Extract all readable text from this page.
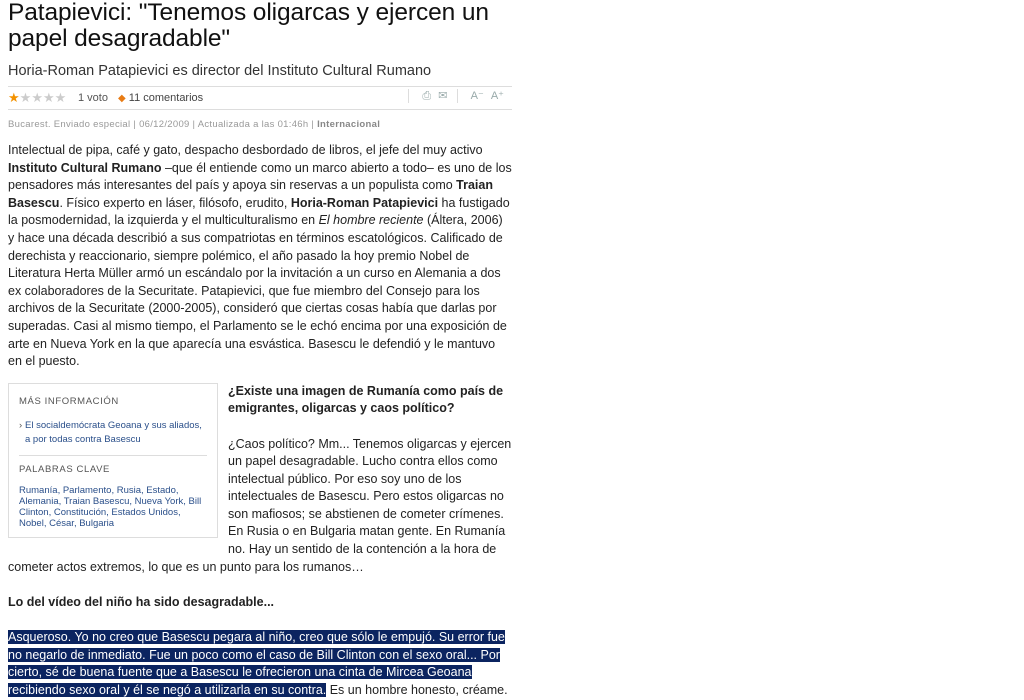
Patapievici: "Tenemos oligarcas y ejercen un papel desagradable"
Horia-Roman Patapievici es director del Instituto Cultural Rumano
★★★★★ 1 voto ◆ 11 comentarios	⎙ ✉ A⁻ A⁺
Bucarest. Enviado especial | 06/12/2009 | Actualizada a las 01:46h | Internacional

Intelectual de pipa, café y gato, despacho desbordado de libros, el jefe del muy activo Instituto Cultural Rumano –que él entiende como un marco abierto a todo– es uno de los pensadores más interesantes del país y apoya sin reservas a un populista como Traian Basescu. Físico experto en láser, filósofo, erudito, Horia-Roman Patapievici ha fustigado la posmodernidad, la izquierda y el multiculturalismo en El hombre reciente (Áltera, 2006) y hace una década describió a sus compatriotas en términos escatológicos. Calificado de derechista y reaccionario, siempre polémico, el año pasado la hoy premio Nobel de Literatura Herta Müller armó un escándalo por la invitación a un curso en Alemania a dos ex colaboradores de la Securitate. Patapievici, que fue miembro del Consejo para los archivos de la Securitate (2000-2005), consideró que ciertas cosas había que darlas por superadas. Casi al mismo tiempo, el Parlamento se le echó encima por una exposición de arte en Nueva York en la que aparecía una esvástica. Basescu le defendió y le mantuvo en el puesto.

MÁS INFORMACIÓN
› El socialdemócrata Geoana y sus aliados, a por todas contra Basescu
PALABRAS CLAVE
Rumanía, Parlamento, Rusia, Estado, Alemania, Traian Basescu, Nueva York, Bill Clinton, Constitución, Estados Unidos, Nobel, César, Bulgaria

¿Existe una imagen de Rumanía como país de emigrantes, oligarcas y caos político?

¿Caos político? Mm... Tenemos oligarcas y ejercen un papel desagradable. Lucho contra ellos como intelectual público. Por eso soy uno de los intelectuales de Basescu. Pero estos oligarcas no son mafiosos; se abstienen de cometer crímenes. En Rusia o en Bulgaria matan gente. En Rumanía no. Hay un sentido de la contención a la hora de cometer actos extremos, lo que es un punto para los rumanos…

Lo del vídeo del niño ha sido desagradable...

Asqueroso. Yo no creo que Basescu pegara al niño, creo que sólo le empujó. Su error fue no negarlo de inmediato. Fue un poco como el caso de Bill Clinton con el sexo oral... Por cierto, sé de buena fuente que a Basescu le ofrecieron una cinta de Mircea Geoana recibiendo sexo oral y él se negó a utilizarla en su contra. Es un hombre honesto, créame.
